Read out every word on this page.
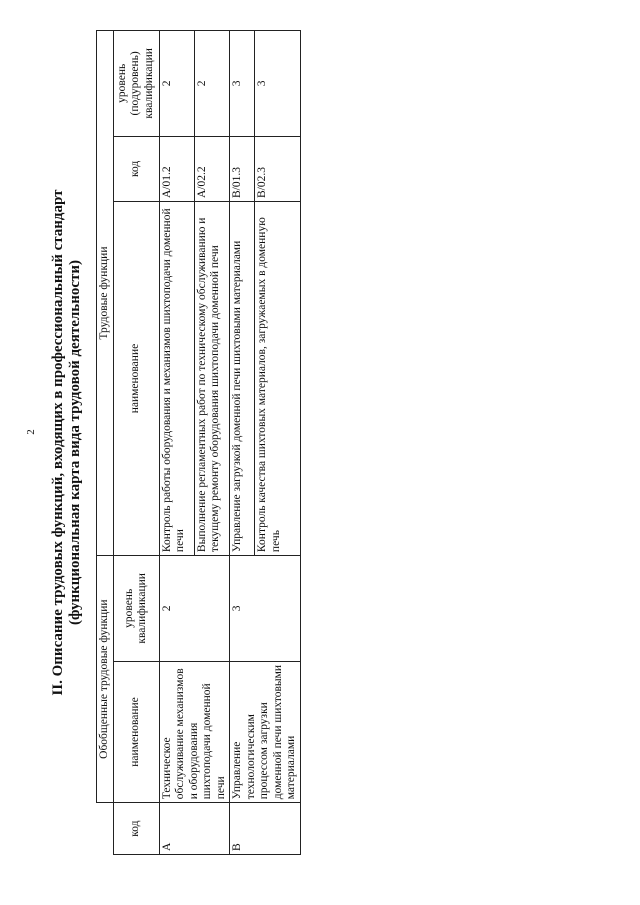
2 II. Описание трудовых функций, входящих в профессиональный стандарт (функциональная карта вида трудовой деятельности)
	Обобщенные трудовые функции		Трудовые функции		
код	наименование	уровень квалификации	наименование	код	уровень (подуровень) квалификации
А	Техническое обслуживание механизмов и оборудования шихтоподачи доменной печи	2	Контроль работы оборудования и механизмов шихтоподачи доменной печи	А/01.2	2
			Выполнение регламентных работ по техническому обслуживанию и текущему ремонту оборудования шихтоподачи доменной печи	А/02.2	2
В	Управление технологическим процессом загрузки доменной печи шихтовыми материалами	3	Управление загрузкой доменной печи шихтовыми материалами	В/01.3	3
			Контроль качества шихтовых материалов, загружаемых в доменную печь	В/02.3	3
